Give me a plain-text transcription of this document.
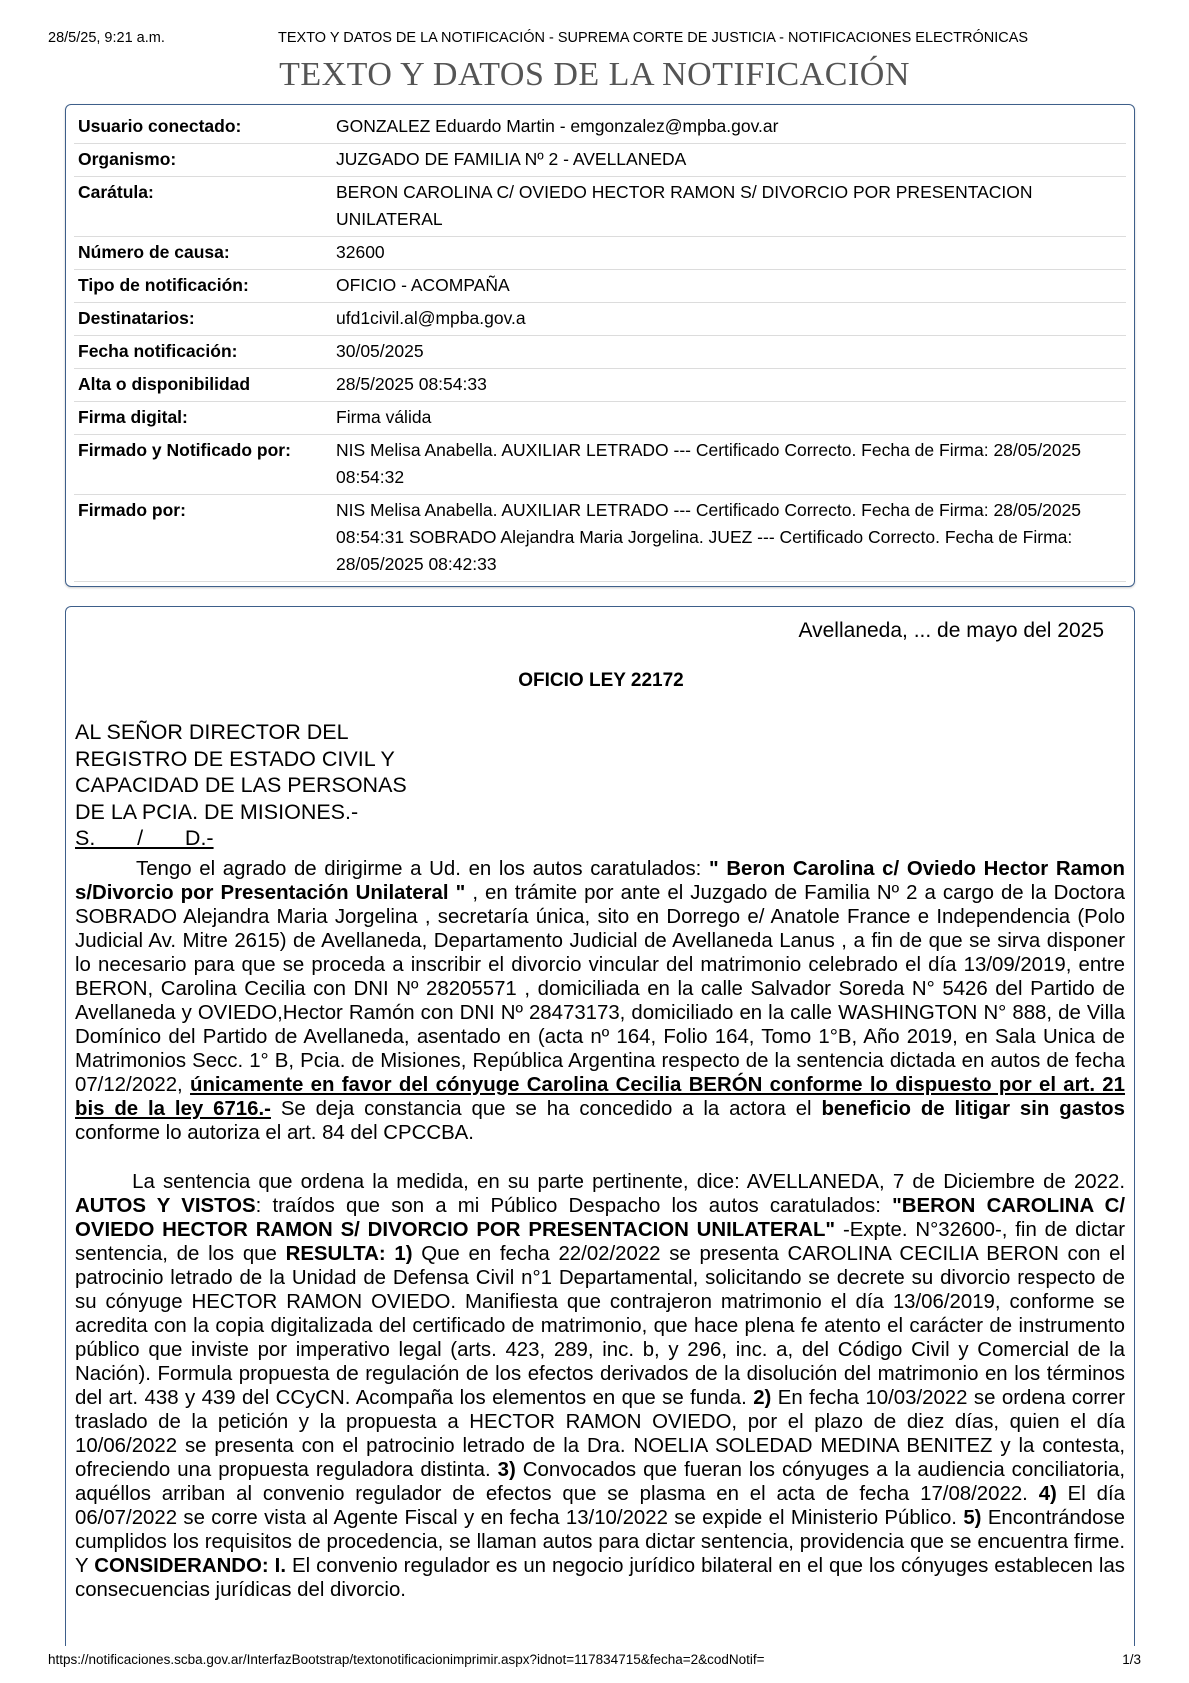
28/5/25, 9:21 a.m.	TEXTO Y DATOS DE LA NOTIFICACIÓN - SUPREMA CORTE DE JUSTICIA - NOTIFICACIONES ELECTRÓNICAS
TEXTO Y DATOS DE LA NOTIFICACIÓN
Usuario conectado:	GONZALEZ Eduardo Martin - emgonzalez@mpba.gov.ar
Organismo:	JUZGADO DE FAMILIA Nº 2 - AVELLANEDA
Carátula:	BERON CAROLINA C/ OVIEDO HECTOR RAMON S/ DIVORCIO POR PRESENTACION UNILATERAL
Número de causa:	32600
Tipo de notificación:	OFICIO - ACOMPAÑA
Destinatarios:	ufd1civil.al@mpba.gov.a
Fecha notificación:	30/05/2025
Alta o disponibilidad	28/5/2025 08:54:33
Firma digital:	Firma válida
Firmado y Notificado por:	NIS Melisa Anabella. AUXILIAR LETRADO --- Certificado Correcto. Fecha de Firma: 28/05/2025 08:54:32
Firmado por:	NIS Melisa Anabella. AUXILIAR LETRADO --- Certificado Correcto. Fecha de Firma: 28/05/2025 08:54:31 SOBRADO Alejandra Maria Jorgelina. JUEZ --- Certificado Correcto. Fecha de Firma: 28/05/2025 08:42:33
Avellaneda, ... de mayo del 2025
OFICIO LEY 22172
AL SEÑOR DIRECTOR DEL
REGISTRO DE ESTADO CIVIL Y
CAPACIDAD DE LAS PERSONAS
DE LA PCIA. DE MISIONES.-
S.       /       D.-

Tengo el agrado de dirigirme a Ud. en los autos caratulados: " Beron Carolina c/ Oviedo Hector Ramon s/Divorcio por Presentación Unilateral " , en trámite por ante el Juzgado de Familia Nº 2 a cargo de la Doctora SOBRADO Alejandra Maria Jorgelina , secretaría única, sito en Dorrego e/ Anatole France e Independencia (Polo Judicial Av. Mitre 2615) de Avellaneda, Departamento Judicial de Avellaneda Lanus , a fin de que se sirva disponer lo necesario para que se proceda a inscribir el divorcio vincular del matrimonio celebrado el día 13/09/2019, entre BERON, Carolina Cecilia con DNI Nº 28205571 , domiciliada en la calle Salvador Soreda N° 5426 del Partido de Avellaneda y OVIEDO,Hector Ramón con DNI Nº 28473173, domiciliado en la calle WASHINGTON N° 888, de Villa Domínico del Partido de Avellaneda, asentado en (acta nº 164, Folio 164, Tomo 1°B, Año 2019, en Sala Unica de Matrimonios Secc. 1° B, Pcia. de Misiones, República Argentina respecto de la sentencia dictada en autos de fecha 07/12/2022, únicamente en favor del cónyuge Carolina Cecilia BERÓN conforme lo dispuesto por el art. 21 bis de la ley 6716.- Se deja constancia que se ha concedido a la actora el beneficio de litigar sin gastos conforme lo autoriza el art. 84 del CPCCBA.

La sentencia que ordena la medida, en su parte pertinente, dice: AVELLANEDA, 7 de Diciembre de 2022. AUTOS Y VISTOS: traídos que son a mi Público Despacho los autos caratulados: "BERON CAROLINA C/ OVIEDO HECTOR RAMON S/ DIVORCIO POR PRESENTACION UNILATERAL" -Expte. N°32600-, fin de dictar sentencia, de los que RESULTA: 1) Que en fecha 22/02/2022 se presenta CAROLINA CECILIA BERON con el patrocinio letrado de la Unidad de Defensa Civil n°1 Departamental, solicitando se decrete su divorcio respecto de su cónyuge HECTOR RAMON OVIEDO. Manifiesta que contrajeron matrimonio el día 13/06/2019, conforme se acredita con la copia digitalizada del certificado de matrimonio, que hace plena fe atento el carácter de instrumento público que inviste por imperativo legal (arts. 423, 289, inc. b, y 296, inc. a, del Código Civil y Comercial de la Nación). Formula propuesta de regulación de los efectos derivados de la disolución del matrimonio en los términos del art. 438 y 439 del CCyCN. Acompaña los elementos en que se funda. 2) En fecha 10/03/2022 se ordena correr traslado de la petición y la propuesta a HECTOR RAMON OVIEDO, por el plazo de diez días, quien el día 10/06/2022 se presenta con el patrocinio letrado de la Dra. NOELIA SOLEDAD MEDINA BENITEZ y la contesta, ofreciendo una propuesta reguladora distinta. 3) Convocados que fueran los cónyuges a la audiencia conciliatoria, aquéllos arriban al convenio regulador de efectos que se plasma en el acta de fecha 17/08/2022. 4) El día 06/07/2022 se corre vista al Agente Fiscal y en fecha 13/10/2022 se expide el Ministerio Público. 5) Encontrándose cumplidos los requisitos de procedencia, se llaman autos para dictar sentencia, providencia que se encuentra firme. Y CONSIDERANDO: I. El convenio regulador es un negocio jurídico bilateral en el que los cónyuges establecen las consecuencias jurídicas del divorcio.

https://notificaciones.scba.gov.ar/InterfazBootstrap/textonotificacionimprimir.aspx?idnot=117834715&fecha=2&codNotif=	1/3
